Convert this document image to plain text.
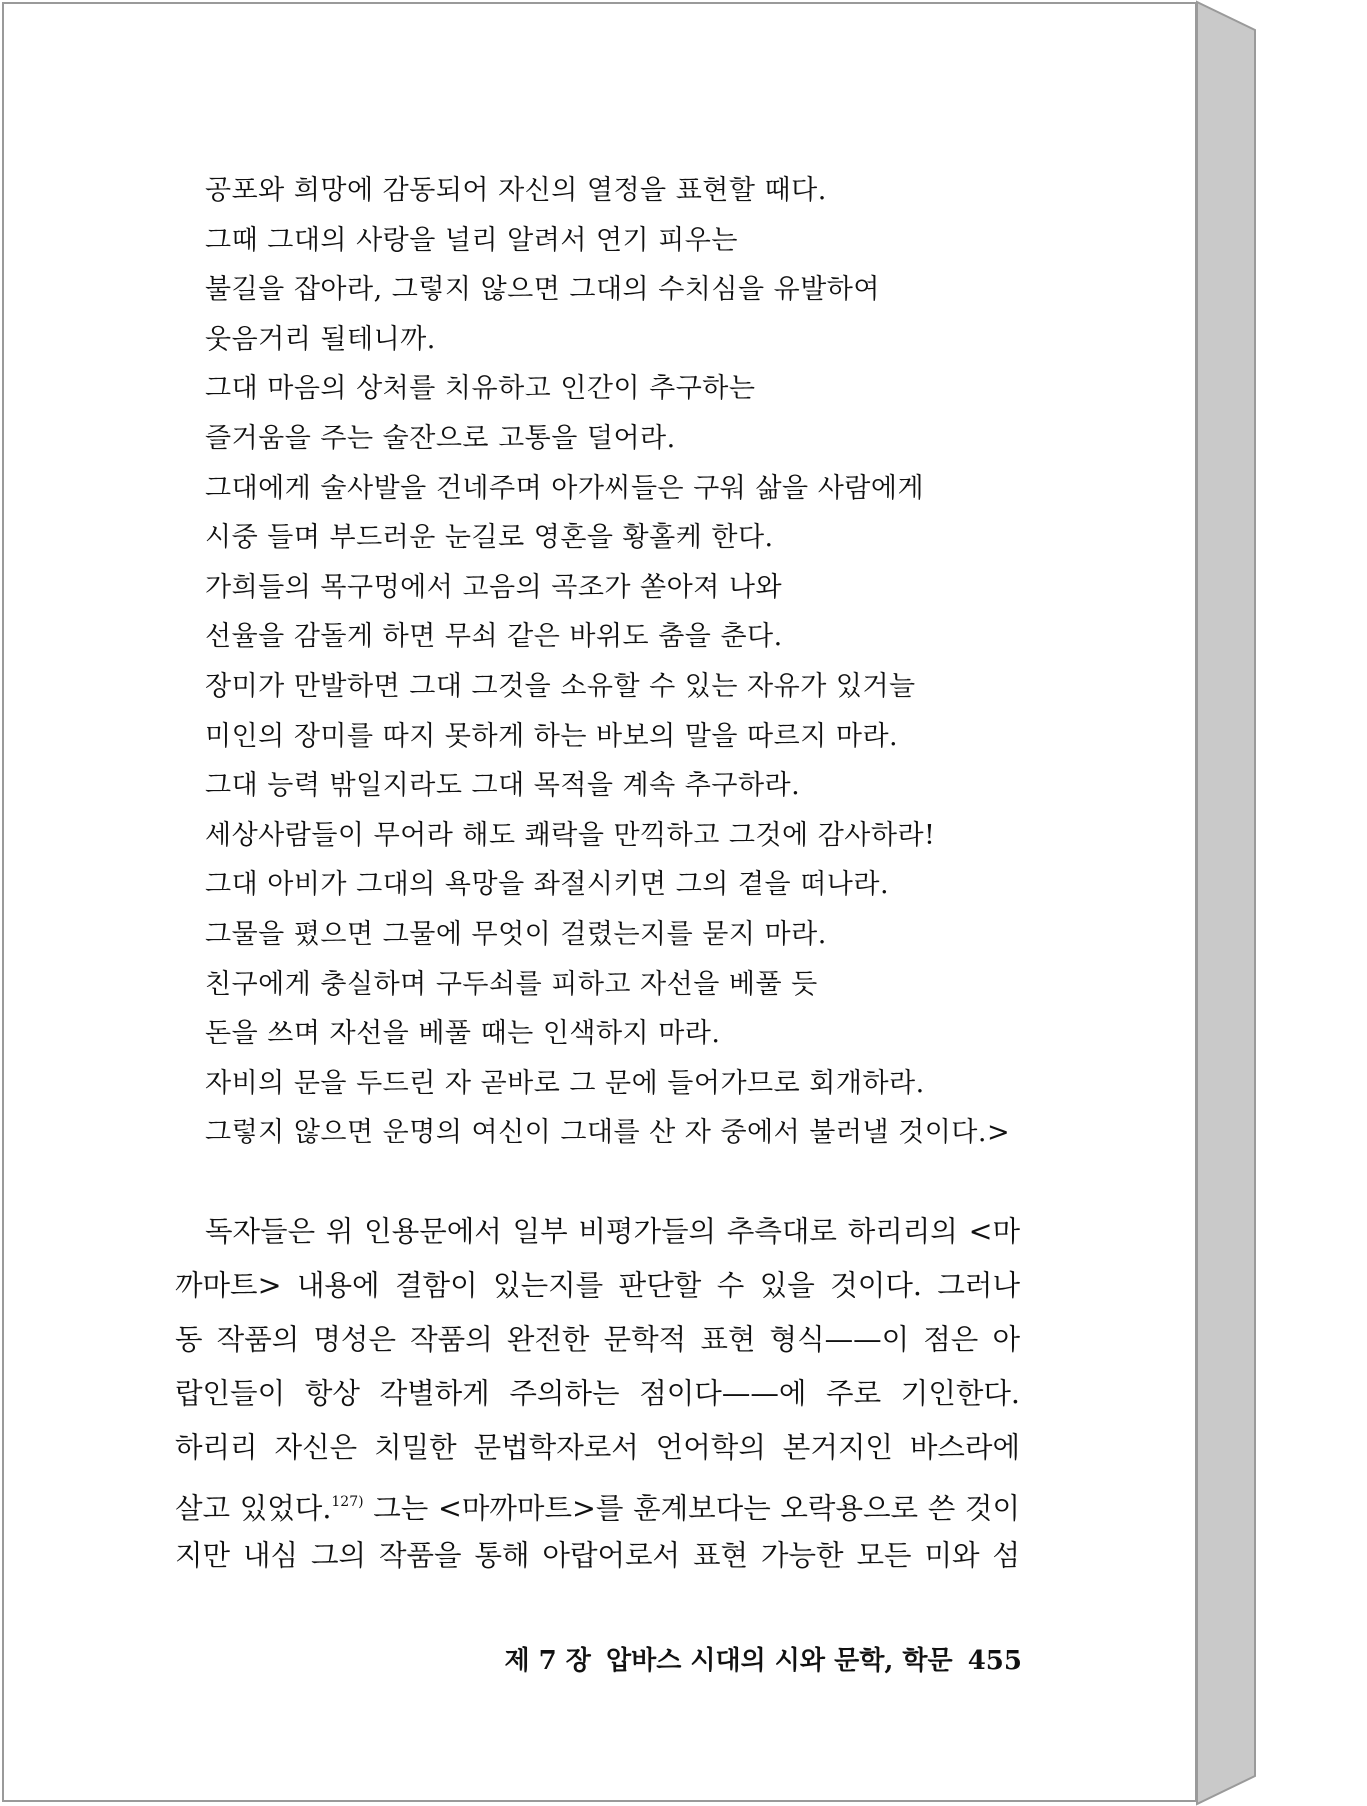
공포와 희망에 감동되어 자신의 열정을 표현할 때다.
그때 그대의 사랑을 널리 알려서 연기 피우는
불길을 잡아라, 그렇지 않으면 그대의 수치심을 유발하여
웃음거리 될테니까.
그대 마음의 상처를 치유하고 인간이 추구하는
즐거움을 주는 술잔으로 고통을 덜어라.
그대에게 술사발을 건네주며 아가씨들은 구워 삶을 사람에게
시중 들며 부드러운 눈길로 영혼을 황홀케 한다.
가희들의 목구멍에서 고음의 곡조가 쏟아져 나와
선율을 감돌게 하면 무쇠 같은 바위도 춤을 춘다.
장미가 만발하면 그대 그것을 소유할 수 있는 자유가 있거늘
미인의 장미를 따지 못하게 하는 바보의 말을 따르지 마라.
그대 능력 밖일지라도 그대 목적을 계속 추구하라.
세상사람들이 무어라 해도 쾌락을 만끽하고 그것에 감사하라!
그대 아비가 그대의 욕망을 좌절시키면 그의 곁을 떠나라.
그물을 폈으면 그물에 무엇이 걸렸는지를 묻지 마라.
친구에게 충실하며 구두쇠를 피하고 자선을 베풀 듯
돈을 쓰며 자선을 베풀 때는 인색하지 마라.
자비의 문을 두드린 자 곧바로 그 문에 들어가므로 회개하라.
그렇지 않으면 운명의 여신이 그대를 산 자 중에서 불러낼 것이다.>
독자들은 위 인용문에서 일부 비평가들의 추측대로 하리리의 <마
까마트> 내용에 결함이 있는지를 판단할 수 있을 것이다. 그러나
동 작품의 명성은 작품의 완전한 문학적 표현 형식——이 점은 아
랍인들이 항상 각별하게 주의하는 점이다——에 주로 기인한다.
하리리 자신은 치밀한 문법학자로서 언어학의 본거지인 바스라에
살고 있었다.$^{127)}$ 그는 <마까마트>를 훈계보다는 오락용으로 쓴 것이
지만 내심 그의 작품을 통해 아랍어로서 표현 가능한 모든 미와 섬
제 7 장 압바스 시대의 시와 문학, 학문 455
